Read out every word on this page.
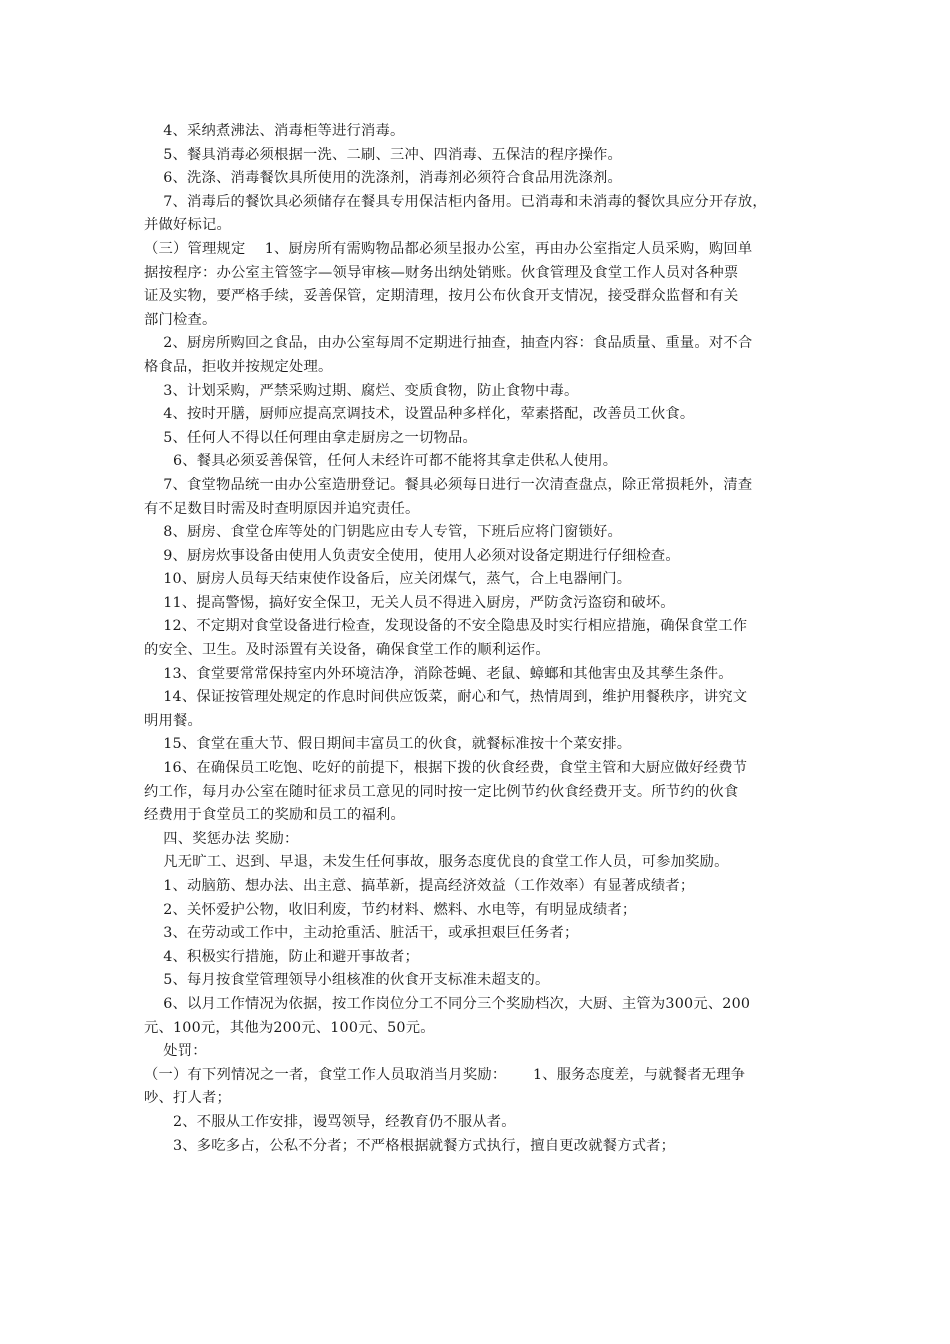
　 4、采纳煮沸法、消毒柜等进行消毒。
　 5、餐具消毒必须根据一洗、二刷、三冲、四消毒、五保洁的程序操作。
　 6、洗涤、消毒餐饮具所使用的洗涤剂，消毒剂必须符合食品用洗涤剂。
　 7、消毒后的餐饮具必须储存在餐具专用保洁柜内备用。已消毒和未消毒的餐饮具应分开存放，
并做好标记。
（三）管理规定　 1、厨房所有需购物品都必须呈报办公室，再由办公室指定人员采购，购回单
据按程序：办公室主管签字—领导审核—财务出纳处销账。伙食管理及食堂工作人员对各种票
证及实物，要严格手续，妥善保管，定期清理，按月公布伙食开支情况，接受群众监督和有关
部门检查。
　 2、厨房所购回之食品，由办公室每周不定期进行抽查，抽查内容：食品质量、重量。对不合
格食品，拒收并按规定处理。
　 3、计划采购，严禁采购过期、腐烂、变质食物，防止食物中毒。
　 4、按时开膳，厨师应提高烹调技术，设置品种多样化，荤素搭配，改善员工伙食。
　 5、任何人不得以任何理由拿走厨房之一切物品。
　　6、餐具必须妥善保管，任何人未经许可都不能将其拿走供私人使用。
　 7、食堂物品统一由办公室造册登记。餐具必须每日进行一次清查盘点，除正常损耗外，清查
有不足数目时需及时查明原因并追究责任。
　 8、厨房、食堂仓库等处的门钥匙应由专人专管，下班后应将门窗锁好。
　 9、厨房炊事设备由使用人负责安全使用，使用人必须对设备定期进行仔细检查。
　 10、厨房人员每天结束使作设备后，应关闭煤气，蒸气，合上电器闸门。
　 11、提高警惕，搞好安全保卫，无关人员不得进入厨房，严防贪污盗窃和破坏。
　 12、不定期对食堂设备进行检查，发现设备的不安全隐患及时实行相应措施，确保食堂工作
的安全、卫生。及时添置有关设备，确保食堂工作的顺利运作。
　 13、食堂要常常保持室内外环境洁净，消除苍蝇、老鼠、蟑螂和其他害虫及其孳生条件。
　 14、保证按管理处规定的作息时间供应饭菜，耐心和气，热情周到，维护用餐秩序，讲究文
明用餐。
　 15、食堂在重大节、假日期间丰富员工的伙食，就餐标准按十个菜安排。
　 16、在确保员工吃饱、吃好的前提下，根据下拨的伙食经费，食堂主管和大厨应做好经费节
约工作，每月办公室在随时征求员工意见的同时按一定比例节约伙食经费开支。所节约的伙食
经费用于食堂员工的奖励和员工的福利。
　 四、奖惩办法 奖励：
　 凡无旷工、迟到、早退，未发生任何事故，服务态度优良的食堂工作人员，可参加奖励。
　 1、动脑筋、想办法、出主意、搞革新，提高经济效益（工作效率）有显著成绩者；
　 2、关怀爱护公物，收旧利废，节约材料、燃料、水电等，有明显成绩者；
　 3、在劳动或工作中，主动抢重活、脏活干，或承担艰巨任务者；
　 4、积极实行措施，防止和避开事故者；
　 5、每月按食堂管理领导小组核准的伙食开支标准未超支的。
　 6、以月工作情况为依据，按工作岗位分工不同分三个奖励档次，大厨、主管为300元、200
元、100元，其他为200元、100元、50元。
　 处罚：
（一）有下列情况之一者，食堂工作人员取消当月奖励：　　 1、服务态度差，与就餐者无理争
吵、打人者；
　　2、不服从工作安排，谩骂领导，经教育仍不服从者。
　　3、多吃多占，公私不分者；不严格根据就餐方式执行，擅自更改就餐方式者；
